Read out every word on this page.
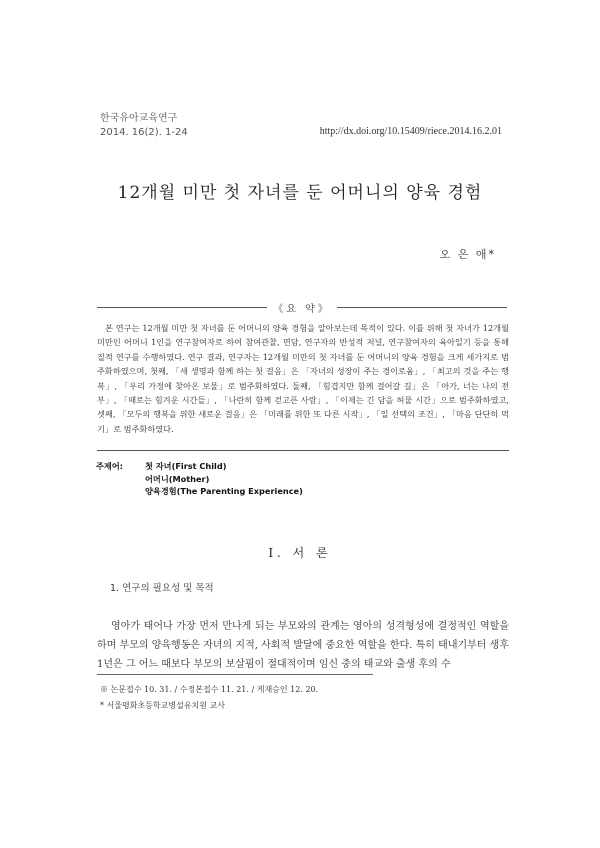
한국유아교육연구
2014. 16(2). 1-24	http://dx.doi.org/10.15409/riece.2014.16.2.01
12개월 미만 첫 자녀를 둔 어머니의 양육 경험
오 은 애*
《요 약》
본 연구는 12개월 미만 첫 자녀를 둔 어머니의 양육 경험을 알아보는데 목적이 있다. 이를 위해 첫 자녀가 12개월 미만인 어머니 1인을 연구참여자로 하여 참여관찰, 면담, 연구자의 반성적 저널, 연구참여자의 육아일기 등을 통해 질적 연구를 수행하였다. 연구 결과, 연구자는 12개월 미만의 첫 자녀를 둔 어머니의 양육 경험을 크게 세가지로 범주화하였으며, 첫째, 「새 생명과 함께 하는 첫 걸음」은 「자녀의 성장이 주는 경이로움」, 「최고의 것을 주는 행복」, 「우리 가정에 찾아온 보물」로 범주화하였다. 둘째, 「힘겹지만 함께 걸어갈 길」은 「아가, 너는 나의 전부」, 「때로는 힘겨운 시간들」, 「나란히 함께 걷고픈 사람」, 「이제는 긴 담을 허물 시간」으로 범주화하였고, 셋째, 「모두의 행복을 위한 새로운 걸음」은 「미래를 위한 또 다른 시작」, 「일 선택의 조건」, 「마음 단단히 먹기」로 범주화하였다.
주제어:	첫 자녀(First Child)
어머니(Mother)
양육경험(The Parenting Experience)
Ⅰ. 서 론
1. 연구의 필요성 및 목적
영아가 태어나 가장 먼저 만나게 되는 부모와의 관계는 영아의 성격형성에 결정적인 역할을 하며 부모의 양육행동은 자녀의 지적, 사회적 발달에 중요한 역할을 한다. 특히 태내기부터 생후 1년은 그 어느 때보다 부모의 보살핌이 절대적이며 임신 중의 태교와 출생 후의 수
※ 논문접수 10. 31. / 수정본접수 11. 21. / 게재승인 12. 20.
* 서울평화초등학교병설유치원 교사
